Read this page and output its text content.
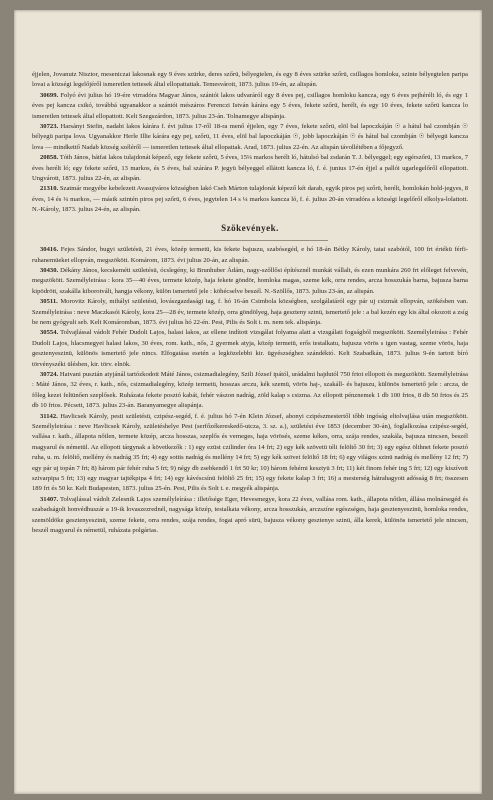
éjjelen, Jovanutz Nisztor, meseniczai lakosnak egy 9 éves szürke, deres szőrü, bélyegtelen, és egy 8 éves szürke szőrü, csillagos homloku, szinte bélyegtelen paripa lovai a községi legelőjéről ismeretlen tettesek által ellopattattak. Temesvárott, 1873. julius 19-én, az alispán.

30699. Folyó évi julius hó 19-ére virradóra Magyar János, szántói lakos udvaráról egy 8 éves pej, csillagos homloku kancza, egy 6 éves pejhérélt ló, és egy 1 éves pej kancza csikó, továbbá ugyanakkor a szántói mészáros Ferenczi István kárára egy 5 éves, fekete szőrü, herélt, és egy 10 éves, fekete szőrü kancza lo ismeretlen tettesek által ellopattott. Kelt Szegszárdon, 1873. julius 23-án. Tolnamegye alispánja.

30723. Harsányi Stefin, nadabi lakos kárára f. évi julius 17-ről 18-ra menő éjjelen, egy 7 éves, fekete szőrü, elöl bal lapoczkáján ☉ a hátul bal czombján ☉ bélyegü paripa lova. Ugyanakkor Herle Illie kárára egy pej, szőrü, 11 éves, elöl bal lapoczkáján ☉, jobb lapoczkáján ☉ és hátul bal czombján ☉ bélyegü kancza lova — mindkettő Nadab község széléről — ismeretlen tettesek által ellopattak. Arad, 1873. julius 22-én. Az alispán távollétében a főjegyző.

20858. Tóth János, bátfai lakos tulajdonát képező, egy fekete szőrü, 5 éves, 15¼ markos herélt ló, hátulsó bal zsdarán T. J. bélyeggel; egy egérszőrü, 13 markos, 7 éves herélt ló; egy fekete szőrü, 13 markos, és 5 éves, bal szárára P. jegyü bélyeggel ellátott kancza ló, f. é. junius 17-én éjjel a pallói ugarlegelőről ellopattott. Ungvárott, 1873. julius 22-én, az alispán.

21310. Szatmár megyébe kebelezett Avasujváros községben lakó Cseh Márton tulajdonát képező két darab, egyik piros pej szőrü, herélt, homlokán hold-jegyes, 8 éves, 14 és ¼ markos, — másik szintén piros pej szőrü, 6 éves, jegytelen 14 s ¼ markos kancza ló, f. é. julius 20-án virradóra a községi legelőről elkolya-lolattott. N.-Károly, 1873. julius 24-én, az alispán.

Szökevények.

30416. Fejes Sándor, bugyi születésü, 21 éves, közép termetü, kis fekete bajuszu, szabósegéd, e hó 18-án Bétky Károly, tatai szabótól, 100 frt értékü férfi-ruhanemüeket ellopván, megszökött. Komárom, 1873. évi julius 20-án, az alispán.

30430. Dékány János, kecskeméti születésü, ócslegény, ki Brunhuber Ádám, nagy-szőllősi építésznél munkát vállalt, és ezen munkára 260 frt előleget felvevén, megszökött. Személyleirása : kora 35—40 éves, termete közép, haja fekete göndör, homloka magas, szeme kék, orra rendes, arcza hosszukás barna, bajusza barna kipödrött, szakálla kiborotvált, hangja vékony, külön ismertető jele : köhécselve beszél. N.-Szöllős, 1873. julius 23-án, az alispán.

30511. Morovitz Károly, mihályi születésü, lovászgazdasági tag, f. hó 16-án Csimbola községben, szolgálatáról egy pár uj csizmát ellopván, szökésben van. Személyleirása : neve Maczkasói Károly, kora 25—28 év, termete közép, orra göndölyeg, haja geszteny szinü, ismertető jele : a bal kezén egy kis által okozott a zsíg be nem gyógyult seb. Kelt Komáromban, 1873. évi julius hó 22-én. Pest, Pilis és Solt t. m. nem tek. alispánja.

30554. Tolvajlással vádolt Fehér Dudoli Lajos, halasi lakos, az ellene indított vizsgálat folyama alatt a vizsgálati fogságból megszökött. Személyleirása : Fehér Dudoli Lajos, hlacsmegyei halasi lakos, 30 éves, rom. kath., nős, 2 gyermek atyja, közép termetü, erős testalkatu, bajusza vörös s igen vastag, szeme vörös, haja gesztenyeszinü, különös ismertető jele nincs. Elfogatása esetén a legközelebbi kir. ügyészséghez szándéktó. Kelt Szabadkán, 1873. julius 9-én tartott bíró törvényszéki ülésben, kir. törv. elnök.

30724. Hatvani pusztán atyjánál tartózkodott Máté János, csizmadialegény, Szili József ipától, urádalmi hajdutól 750 frtot ellopott és megszökött. Személyleirása : Máté János, 32 éves, r. kath., nős, csizmadialegény, közép termetü, hosszas arczu, kék szemü, vörös haj-, szakáll- és bajuszu, különös ismertető jele : arcza, de főleg kezei feltünően szeplősek. Ruházata fekete posztó kabát, fehér vászon nadrág, zöld kalap s csizma. Az ellopott pénznemek 1 db 100 frtos, 8 db 50 frtos és 25 db 10 frtos. Pécsett, 1873. julius 23-án. Baranyamegye alispánja.

31142. Havlicsek Károly, pesti születésü, czipész-segéd, f. é. julius hó 7-én Klein József, abonyi czipészmestertől tőbb ingóság eltolvajlása után megszökött. Személyleirása : neve Havlicsek Károly, születéshelye Pest (serfőzékereskedő-utcza, 3. sz. a.), születési éve 1853 (december 30-án), foglalkozása czipész-segéd, vallása r. kath., állapota nőtlen, termete közép, arcza hosszas, szeplős és verneges, haja vörösés, szeme kékes, orra, szája rendes, szakála, bajusza nincsen, beszél magyarul és németül. Az ellopott tárgynak a következők : 1) egy ezüst czilinder óra 14 frt; 2) egy kék szövetü téli felöltő 30 frt; 3) egy egész ölthnet fekete posztó ruha, u. m. felöltő, mellény és nadrág 35 frt; 4) egy sottis nadrág és mellény 14 frt; 5) egy kék szövet felöltő 18 frt; 6) egy világos szinü nadrág és mellény 12 frt; 7) egy pár uj topán 7 frt; 8) három pár fehér ruha 5 frt; 9) négy db zsebkendő 1 frt 50 kr; 10) három fehérni kesztyü 3 frt; 11) két finom fehér ing 5 frt; 12) egy kiszívott szivarpipa 5 frt; 13) egy magyar tajtékpipa 4 frt; 14) egy kávéscsínü felöltő 25 frt; 15) egy fekete kalap 3 frt; 16) a mesterség hátrahagyott adósság 8 frt; összesen 189 frt és 50 kr. Kelt Budapesten, 1873. julius 25-én. Pest, Pilis és Solt t. e. megyék alispánja.

31407. Tolvajlással vádolt Zelesnik Lajos személyleírása : illetősége Eger, Hevesmegye, kora 22 éves, vallása rom. kath., állapota nőtlen, állása molnársegéd és szabadságolt honvédhuszár a 19-ik lovaszezrednél, nagysága közép, testalkata vékony, arcza hosszukás, arczszíne egészséges, haja gesztenyeszinü, homloka rendes, szemöldöke gesztenyeszinü, szeme fekete, orra rendes, szája rendes, fogai apró sürü, bajusza vékony gesztenye szinü, álla kerek, különös ismertető jele nincsen, beszél magyarul és németül, ruházata polgárias.
